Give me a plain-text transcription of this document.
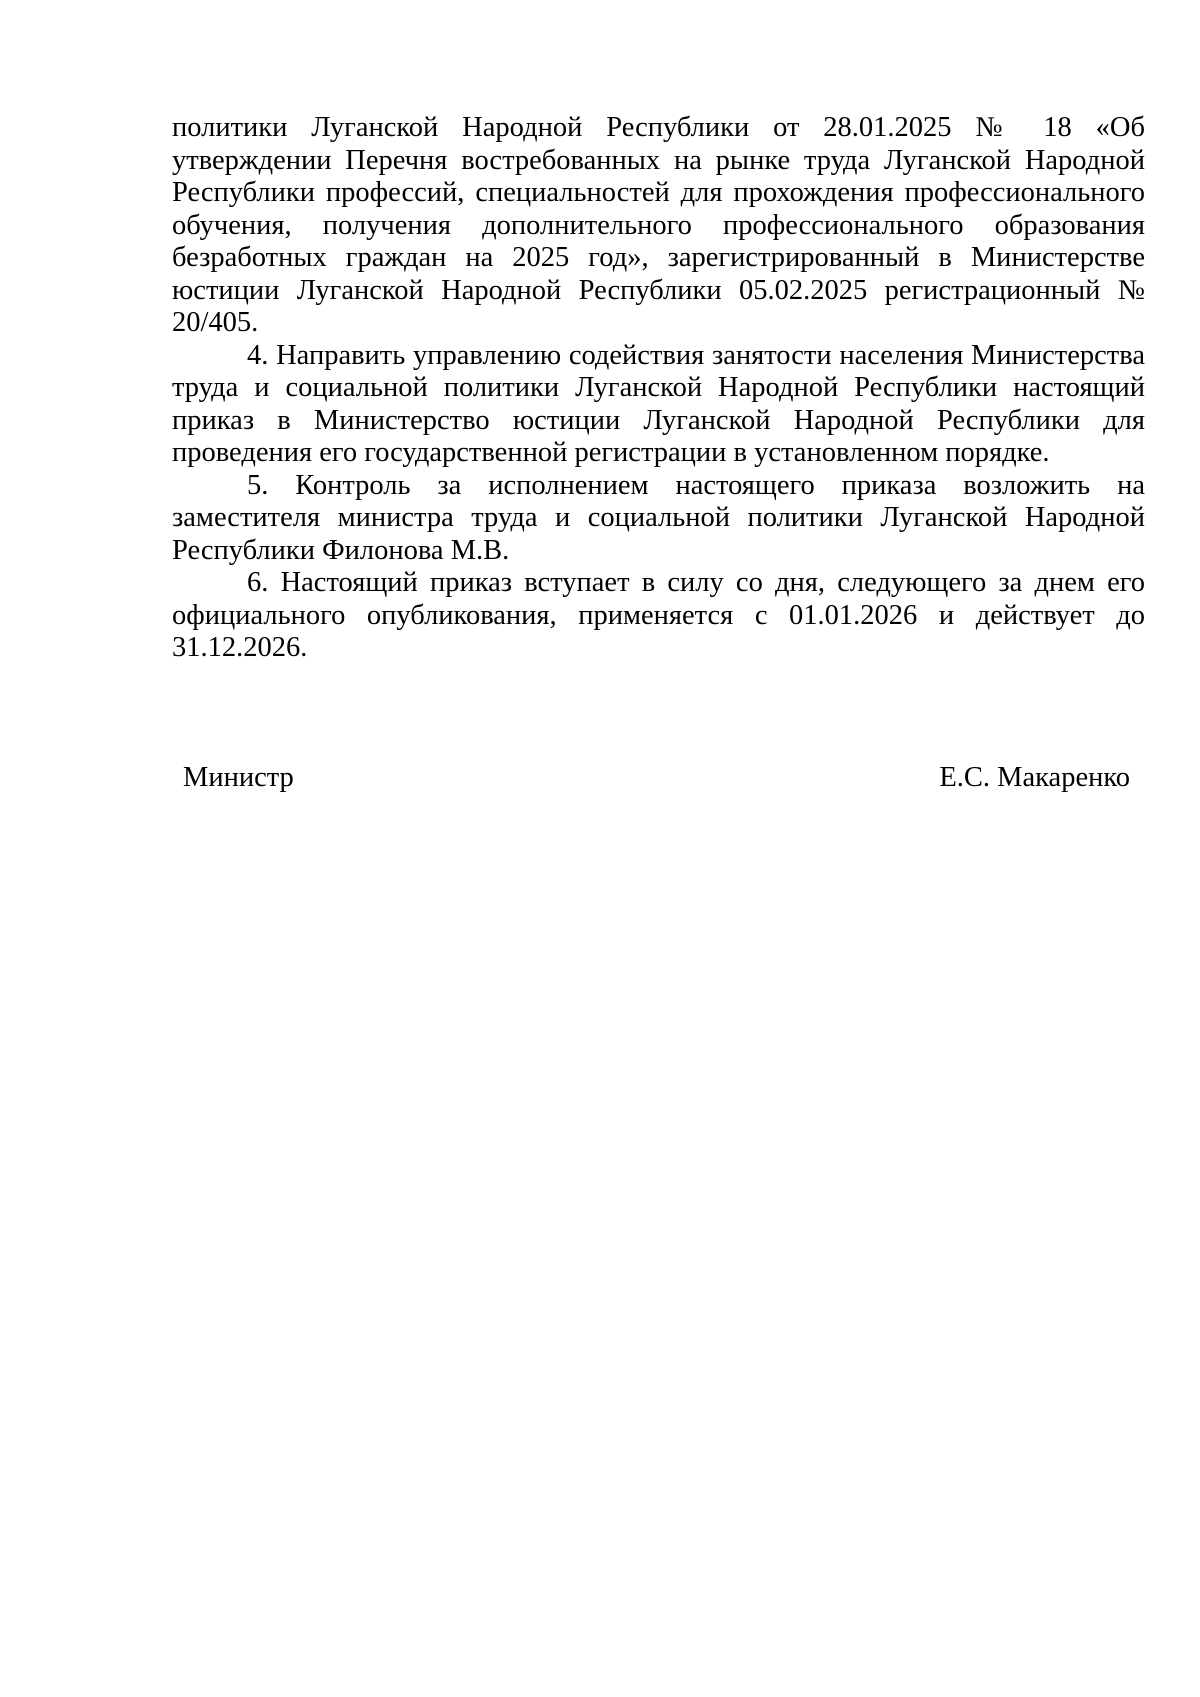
политики Луганской Народной Республики от 28.01.2025 № 18 «Об утверждении Перечня востребованных на рынке труда Луганской Народной Республики профессий, специальностей для прохождения профессионального обучения, получения дополнительного профессионального образования безработных граждан на 2025 год», зарегистрированный в Министерстве юстиции Луганской Народной Республики 05.02.2025 регистрационный № 20/405.

4. Направить управлению содействия занятости населения Министерства труда и социальной политики Луганской Народной Республики настоящий приказ в Министерство юстиции Луганской Народной Республики для проведения его государственной регистрации в установленном порядке.

5. Контроль за исполнением настоящего приказа возложить на заместителя министра труда и социальной политики Луганской Народной Республики Филонова М.В.

6. Настоящий приказ вступает в силу со дня, следующего за днем его официального опубликования, применяется с 01.01.2026 и действует до 31.12.2026.

Министр	Е.С. Макаренко
